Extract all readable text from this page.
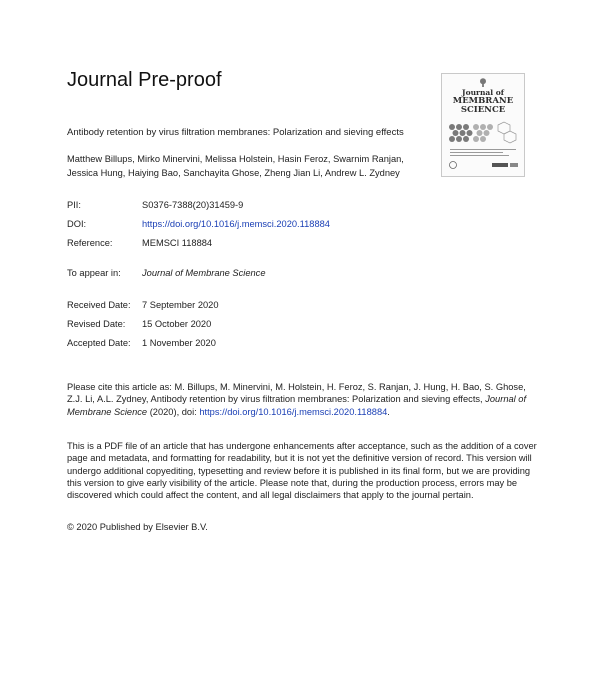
Journal Pre-proof
Journal of
MEMBRANE
SCIENCE
Antibody retention by virus filtration membranes: Polarization and sieving effects
Matthew Billups, Mirko Minervini, Melissa Holstein, Hasin Feroz, Swarnim Ranjan,
Jessica Hung, Haiying Bao, Sanchayita Ghose, Zheng Jian Li, Andrew L. Zydney
PII:	S0376-7388(20)31459-9
DOI:	https://doi.org/10.1016/j.memsci.2020.118884
Reference:	MEMSCI 118884
To appear in: Journal of Membrane Science
Received Date: 7 September 2020
Revised Date: 15 October 2020
Accepted Date: 1 November 2020
Please cite this article as: M. Billups, M. Minervini, M. Holstein, H. Feroz, S. Ranjan, J. Hung, H. Bao, S. Ghose, Z.J. Li, A.L. Zydney, Antibody retention by virus filtration membranes: Polarization and sieving effects, Journal of Membrane Science (2020), doi: https://doi.org/10.1016/j.memsci.2020.118884.
This is a PDF file of an article that has undergone enhancements after acceptance, such as the addition of a cover page and metadata, and formatting for readability, but it is not yet the definitive version of record. This version will undergo additional copyediting, typesetting and review before it is published in its final form, but we are providing this version to give early visibility of the article. Please note that, during the production process, errors may be discovered which could affect the content, and all legal disclaimers that apply to the journal pertain.
© 2020 Published by Elsevier B.V.
